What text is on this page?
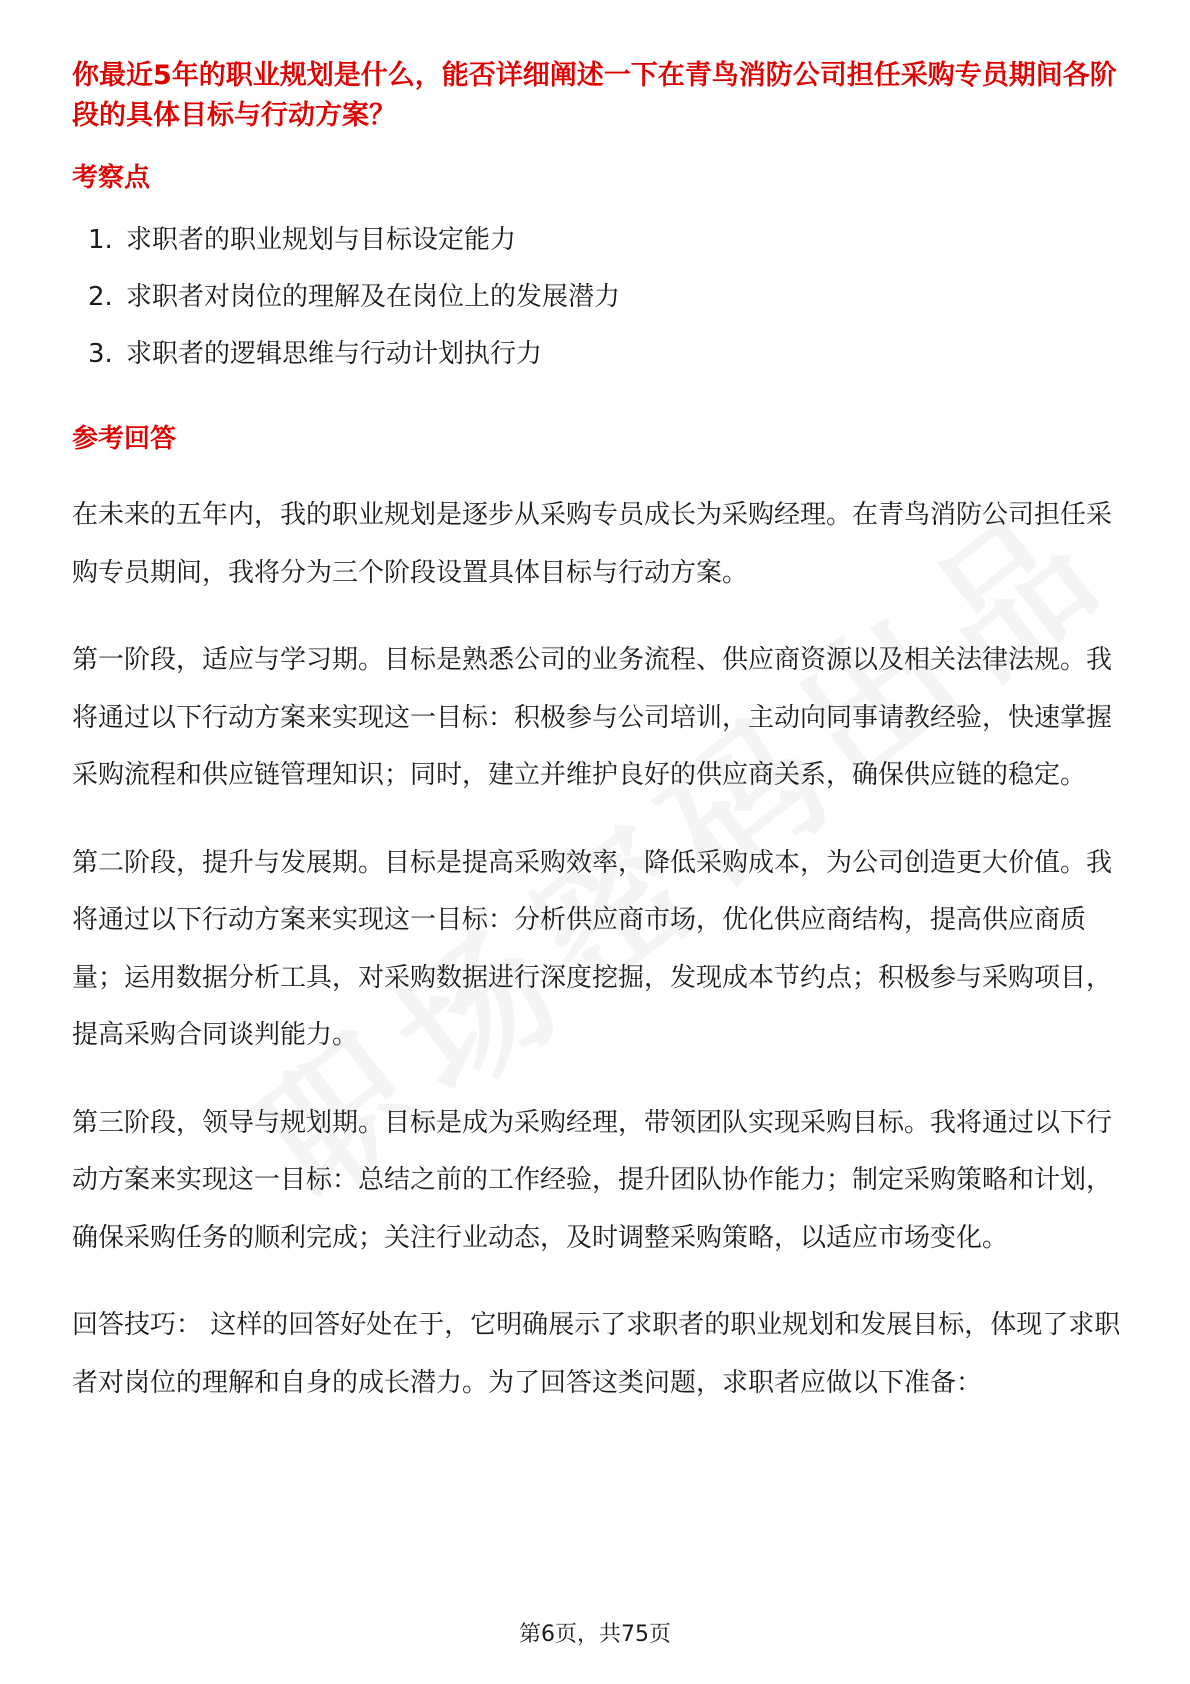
你最近5年的职业规划是什么，能否详细阐述一下在青鸟消防公司担任采购专员期间各阶段的具体目标与行动方案？

考察点

1. 求职者的职业规划与目标设定能力
2. 求职者对岗位的理解及在岗位上的发展潜力
3. 求职者的逻辑思维与行动计划执行力

参考回答

在未来的五年内，我的职业规划是逐步从采购专员成长为采购经理。在青鸟消防公司担任采购专员期间，我将分为三个阶段设置具体目标与行动方案。

第一阶段，适应与学习期。目标是熟悉公司的业务流程、供应商资源以及相关法律法规。我将通过以下行动方案来实现这一目标：积极参与公司培训，主动向同事请教经验，快速掌握采购流程和供应链管理知识；同时，建立并维护良好的供应商关系，确保供应链的稳定。

第二阶段，提升与发展期。目标是提高采购效率，降低采购成本，为公司创造更大价值。我将通过以下行动方案来实现这一目标：分析供应商市场，优化供应商结构，提高供应商质量；运用数据分析工具，对采购数据进行深度挖掘，发现成本节约点；积极参与采购项目，提高采购合同谈判能力。

第三阶段，领导与规划期。目标是成为采购经理，带领团队实现采购目标。我将通过以下行动方案来实现这一目标：总结之前的工作经验，提升团队协作能力；制定采购策略和计划，确保采购任务的顺利完成；关注行业动态，及时调整采购策略，以适应市场变化。

回答技巧： 这样的回答好处在于，它明确展示了求职者的职业规划和发展目标，体现了求职者对岗位的理解和自身的成长潜力。为了回答这类问题，求职者应做以下准备：

第6页，共75页
